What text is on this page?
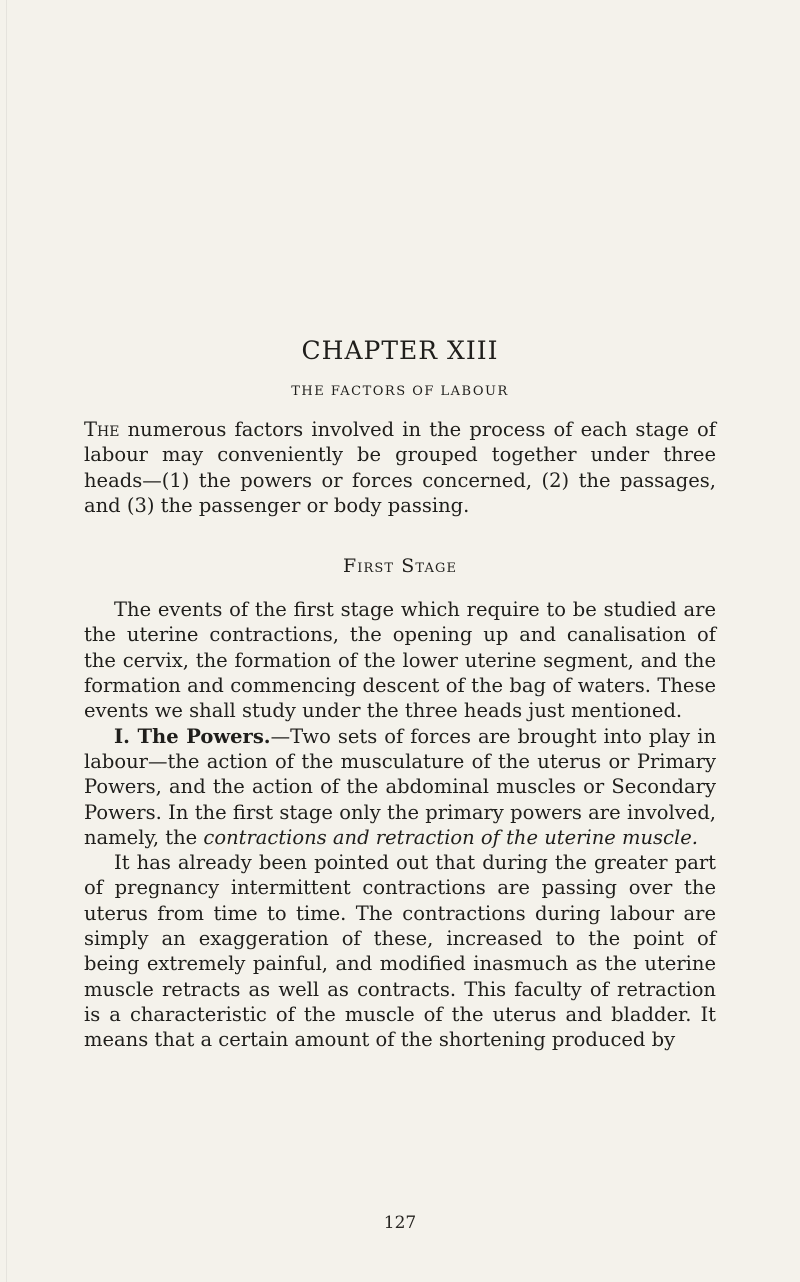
CHAPTER XIII
THE FACTORS OF LABOUR

The numerous factors involved in the process of each stage of labour may conveniently be grouped together under three heads—(1) the powers or forces concerned, (2) the passages, and (3) the passenger or body passing.

First Stage

The events of the first stage which require to be studied are the uterine contractions, the opening up and canalisation of the cervix, the formation of the lower uterine segment, and the formation and commencing descent of the bag of waters. These events we shall study under the three heads just mentioned.

I. The Powers.—Two sets of forces are brought into play in labour—the action of the musculature of the uterus or Primary Powers, and the action of the abdominal muscles or Secondary Powers. In the first stage only the primary powers are involved, namely, the contractions and retraction of the uterine muscle.

It has already been pointed out that during the greater part of pregnancy intermittent contractions are passing over the uterus from time to time. The contractions during labour are simply an exaggeration of these, increased to the point of being extremely painful, and modified inasmuch as the uterine muscle retracts as well as contracts. This faculty of retraction is a characteristic of the muscle of the uterus and bladder. It means that a certain amount of the shortening produced by

127
